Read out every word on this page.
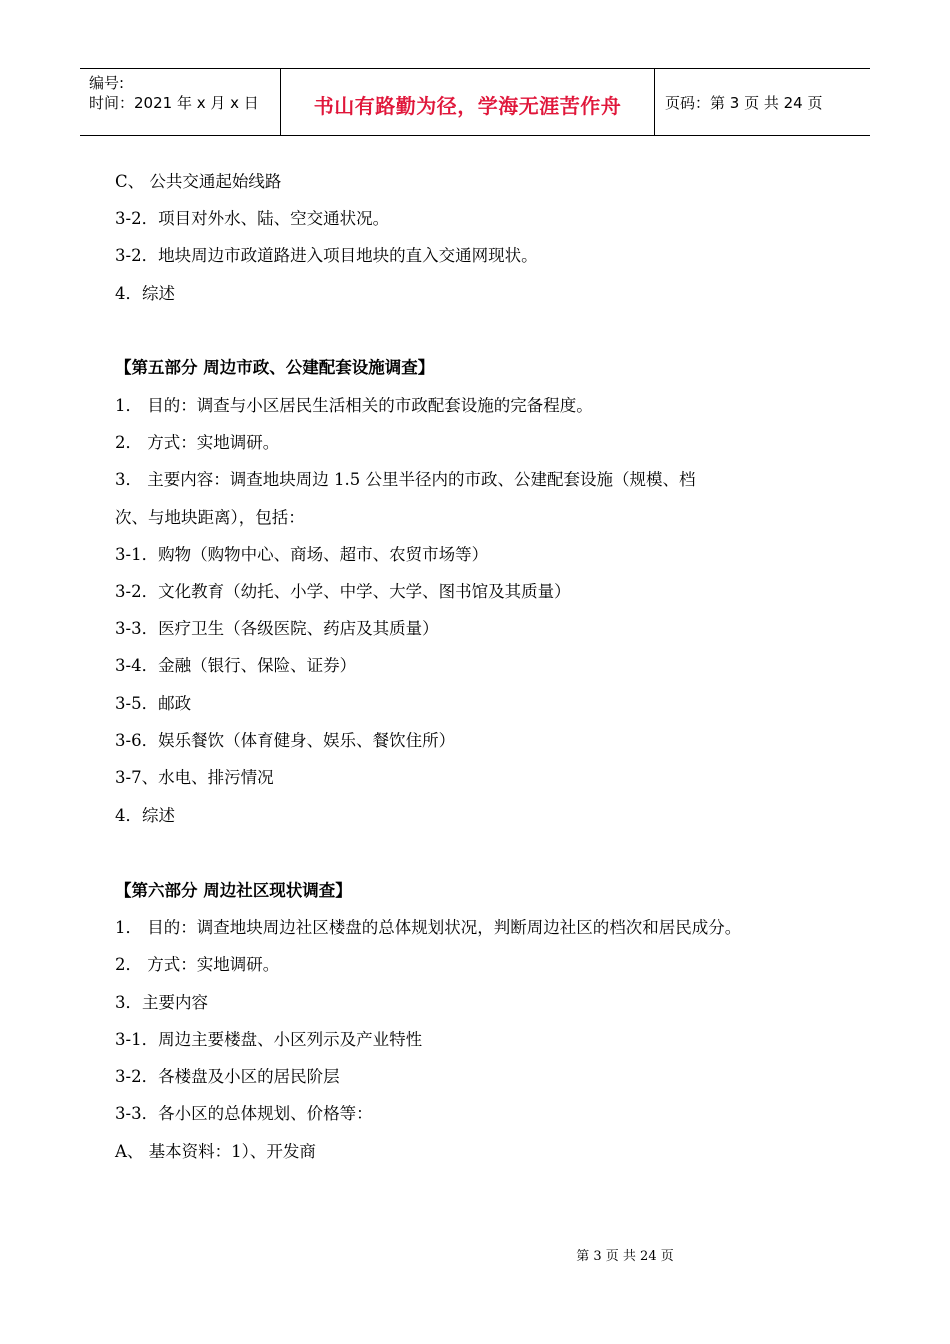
编号:
时间：2021 年 x 月 x 日	书山有路勤为径，学海无涯苦作舟	页码：第 3 页 共 24 页
C、 公共交通起始线路
3-2．项目对外水、陆、空交通状况。
3-2．地块周边市政道路进入项目地块的直入交通网现状。
4．综述
【第五部分 周边市政、公建配套设施调查】
1． 目的：调查与小区居民生活相关的市政配套设施的完备程度。
2． 方式：实地调研。
3． 主要内容：调查地块周边 1.5 公里半径内的市政、公建配套设施（规模、档
次、与地块距离），包括：
3-1．购物（购物中心、商场、超市、农贸市场等）
3-2．文化教育（幼托、小学、中学、大学、图书馆及其质量）
3-3．医疗卫生（各级医院、药店及其质量）
3-4．金融（银行、保险、证券）
3-5．邮政
3-6．娱乐餐饮（体育健身、娱乐、餐饮住所）
3-7、水电、排污情况
4．综述
【第六部分 周边社区现状调查】
1． 目的：调查地块周边社区楼盘的总体规划状况，判断周边社区的档次和居民成分。
2． 方式：实地调研。
3．主要内容
3-1．周边主要楼盘、小区列示及产业特性
3-2．各楼盘及小区的居民阶层
3-3．各小区的总体规划、价格等：
A、 基本资料：1）、开发商
第 3 页 共 24 页
